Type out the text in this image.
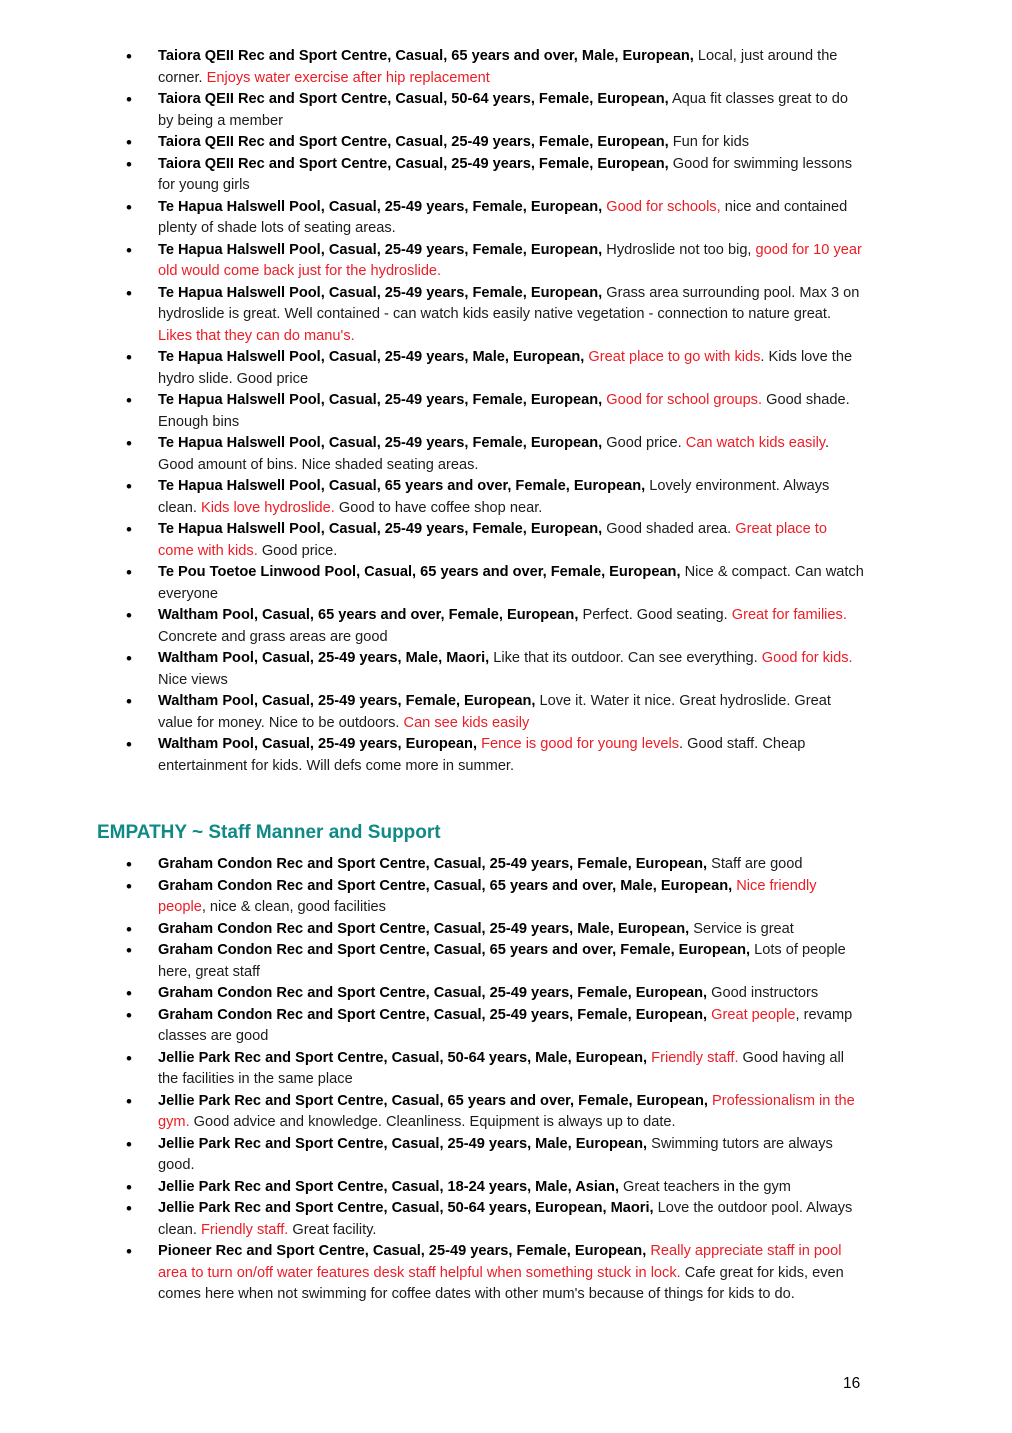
• Taiora QEII Rec and Sport Centre, Casual, 65 years and over, Male, European, Local, just around the corner. Enjoys water exercise after hip replacement
• Taiora QEII Rec and Sport Centre, Casual, 50-64 years, Female, European, Aqua fit classes great to do by being a member
• Taiora QEII Rec and Sport Centre, Casual, 25-49 years, Female, European, Fun for kids
• Taiora QEII Rec and Sport Centre, Casual, 25-49 years, Female, European, Good for swimming lessons for young girls
• Te Hapua Halswell Pool, Casual, 25-49 years, Female, European, Good for schools, nice and contained plenty of shade lots of seating areas.
• Te Hapua Halswell Pool, Casual, 25-49 years, Female, European, Hydroslide not too big, good for 10 year old would come back just for the hydroslide.
• Te Hapua Halswell Pool, Casual, 25-49 years, Female, European, Grass area surrounding pool. Max 3 on hydroslide is great. Well contained - can watch kids easily native vegetation - connection to nature great. Likes that they can do manu's.
• Te Hapua Halswell Pool, Casual, 25-49 years, Male, European, Great place to go with kids. Kids love the hydro slide. Good price
• Te Hapua Halswell Pool, Casual, 25-49 years, Female, European, Good for school groups. Good shade. Enough bins
• Te Hapua Halswell Pool, Casual, 25-49 years, Female, European, Good price. Can watch kids easily. Good amount of bins. Nice shaded seating areas.
• Te Hapua Halswell Pool, Casual, 65 years and over, Female, European, Lovely environment. Always clean. Kids love hydroslide. Good to have coffee shop near.
• Te Hapua Halswell Pool, Casual, 25-49 years, Female, European, Good shaded area. Great place to come with kids. Good price.
• Te Pou Toetoe Linwood Pool, Casual, 65 years and over, Female, European, Nice & compact. Can watch everyone
• Waltham Pool, Casual, 65 years and over, Female, European, Perfect. Good seating. Great for families. Concrete and grass areas are good
• Waltham Pool, Casual, 25-49 years, Male, Maori, Like that its outdoor. Can see everything. Good for kids. Nice views
• Waltham Pool, Casual, 25-49 years, Female, European, Love it. Water it nice. Great hydroslide. Great value for money. Nice to be outdoors. Can see kids easily
• Waltham Pool, Casual, 25-49 years, European, Fence is good for young levels. Good staff. Cheap entertainment for kids. Will defs come more in summer.
EMPATHY ~ Staff Manner and Support
• Graham Condon Rec and Sport Centre, Casual, 25-49 years, Female, European, Staff are good
• Graham Condon Rec and Sport Centre, Casual, 65 years and over, Male, European, Nice friendly people, nice & clean, good facilities
• Graham Condon Rec and Sport Centre, Casual, 25-49 years, Male, European, Service is great
• Graham Condon Rec and Sport Centre, Casual, 65 years and over, Female, European, Lots of people here, great staff
• Graham Condon Rec and Sport Centre, Casual, 25-49 years, Female, European, Good instructors
• Graham Condon Rec and Sport Centre, Casual, 25-49 years, Female, European, Great people, revamp classes are good
• Jellie Park Rec and Sport Centre, Casual, 50-64 years, Male, European, Friendly staff. Good having all the facilities in the same place
• Jellie Park Rec and Sport Centre, Casual, 65 years and over, Female, European, Professionalism in the gym. Good advice and knowledge. Cleanliness. Equipment is always up to date.
• Jellie Park Rec and Sport Centre, Casual, 25-49 years, Male, European, Swimming tutors are always good.
• Jellie Park Rec and Sport Centre, Casual, 18-24 years, Male, Asian, Great teachers in the gym
• Jellie Park Rec and Sport Centre, Casual, 50-64 years, European, Maori, Love the outdoor pool. Always clean. Friendly staff. Great facility.
• Pioneer Rec and Sport Centre, Casual, 25-49 years, Female, European, Really appreciate staff in pool area to turn on/off water features desk staff helpful when something stuck in lock. Cafe great for kids, even comes here when not swimming for coffee dates with other mum's because of things for kids to do.
16
